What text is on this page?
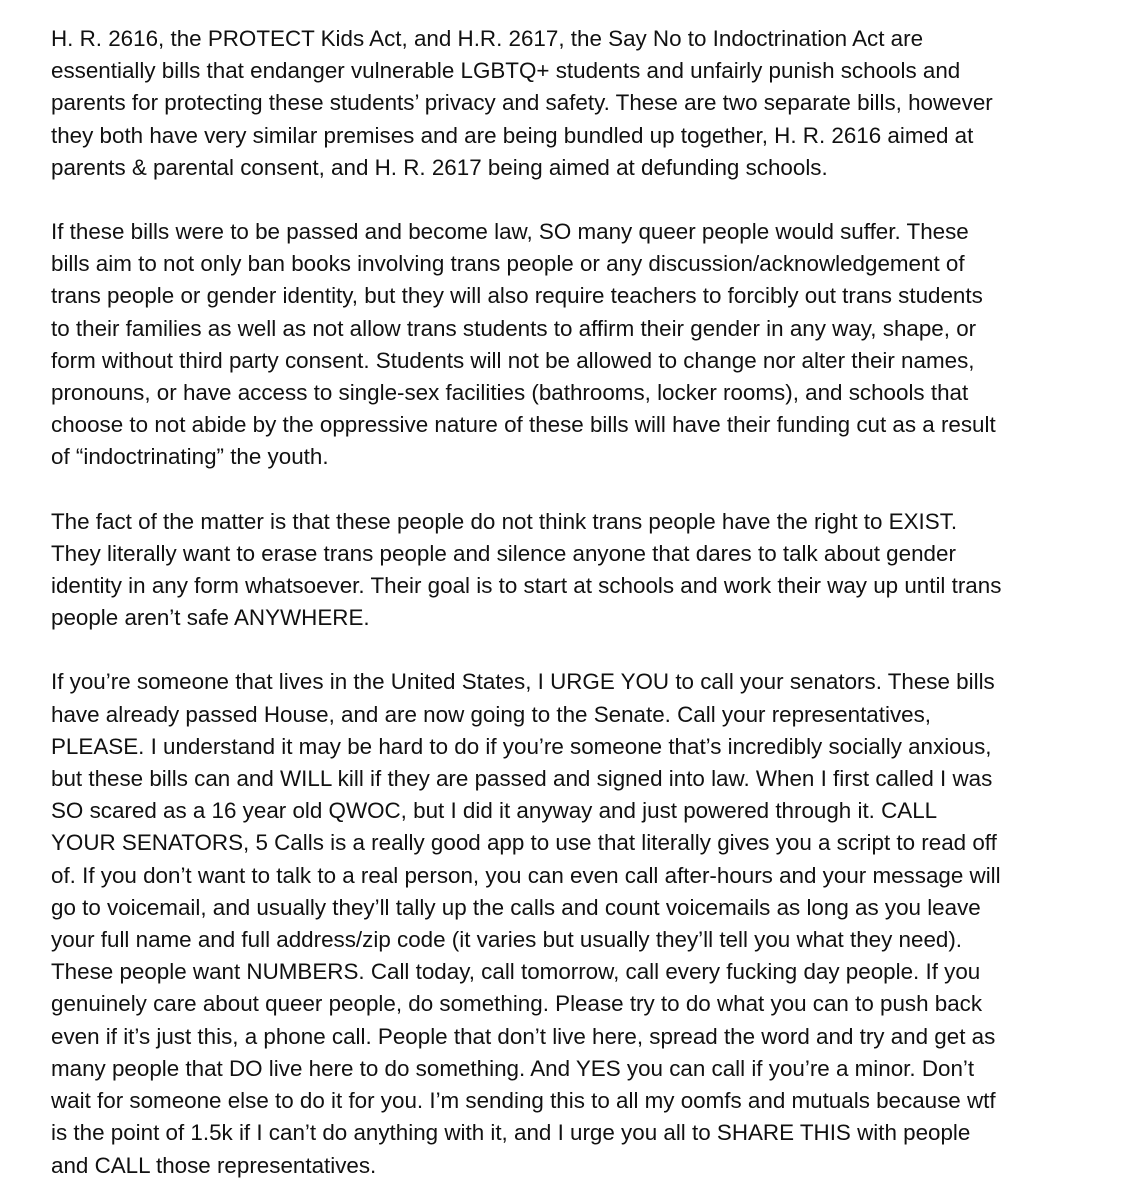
H. R. 2616, the PROTECT Kids Act, and H.R. 2617, the Say No to Indoctrination Act are
essentially bills that endanger vulnerable LGBTQ+ students and unfairly punish schools and
parents for protecting these students’ privacy and safety. These are two separate bills, however
they both have very similar premises and are being bundled up together, H. R. 2616 aimed at
parents & parental consent, and H. R. 2617 being aimed at defunding schools.

If these bills were to be passed and become law, SO many queer people would suffer. These
bills aim to not only ban books involving trans people or any discussion/acknowledgement of
trans people or gender identity, but they will also require teachers to forcibly out trans students
to their families as well as not allow trans students to affirm their gender in any way, shape, or
form without third party consent. Students will not be allowed to change nor alter their names,
pronouns, or have access to single-sex facilities (bathrooms, locker rooms), and schools that
choose to not abide by the oppressive nature of these bills will have their funding cut as a result
of “indoctrinating” the youth.

The fact of the matter is that these people do not think trans people have the right to EXIST.
They literally want to erase trans people and silence anyone that dares to talk about gender
identity in any form whatsoever. Their goal is to start at schools and work their way up until trans
people aren’t safe ANYWHERE.

If you’re someone that lives in the United States, I URGE YOU to call your senators. These bills
have already passed House, and are now going to the Senate. Call your representatives,
PLEASE. I understand it may be hard to do if you’re someone that’s incredibly socially anxious,
but these bills can and WILL kill if they are passed and signed into law. When I first called I was
SO scared as a 16 year old QWOC, but I did it anyway and just powered through it. CALL
YOUR SENATORS, 5 Calls is a really good app to use that literally gives you a script to read off
of. If you don’t want to talk to a real person, you can even call after-hours and your message will
go to voicemail, and usually they’ll tally up the calls and count voicemails as long as you leave
your full name and full address/zip code (it varies but usually they’ll tell you what they need).
These people want NUMBERS. Call today, call tomorrow, call every fucking day people. If you
genuinely care about queer people, do something. Please try to do what you can to push back
even if it’s just this, a phone call. People that don’t live here, spread the word and try and get as
many people that DO live here to do something. And YES you can call if you’re a minor. Don’t
wait for someone else to do it for you. I’m sending this to all my oomfs and mutuals because wtf
is the point of 1.5k if I can’t do anything with it, and I urge you all to SHARE THIS with people
and CALL those representatives.
